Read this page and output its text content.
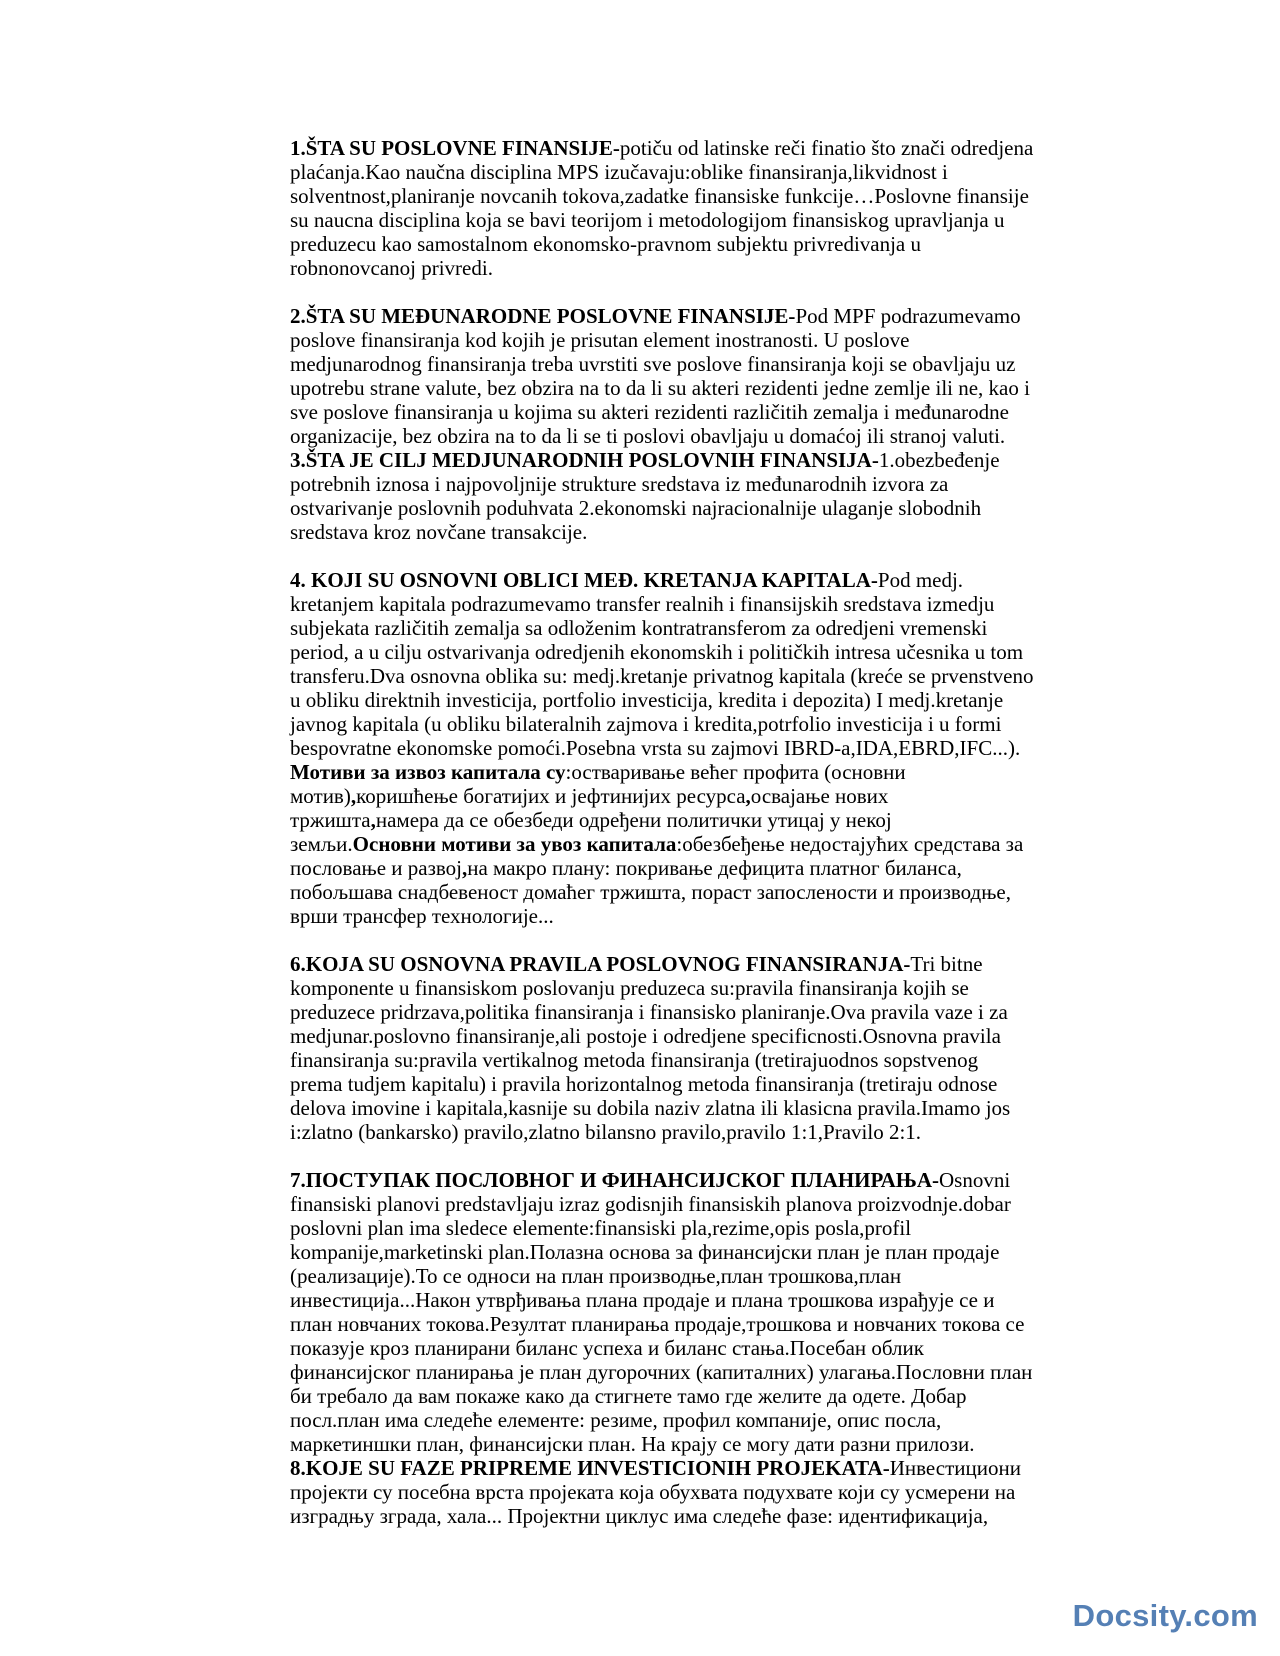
1.ŠTA SU POSLOVNE FINANSIJE-potiču od latinske reči finatio što znači odredjena plaćanja.Kao naučna disciplina MPS izučavaju:oblike finansiranja,likvidnost i solventnost,planiranje novcanih tokova,zadatke finansiske funkcije…Poslovne finansije su naucna disciplina koja se bavi teorijom i metodologijom finansiskog upravljanja u preduzecu kao samostalnom ekonomsko-pravnom subjektu privredivanja u robnonovcanoj privredi.

2.ŠTA SU MEĐUNARODNE POSLOVNE FINANSIJE-Pod MPF podrazumevamo poslove finansiranja kod kojih je prisutan element inostranosti. U poslove medjunarodnog finansiranja treba uvrstiti sve poslove finansiranja koji se obavljaju uz upotrebu strane valute, bez obzira na to da li su akteri rezidenti jedne zemlje ili ne, kao i sve poslove finansiranja u kojima su akteri rezidenti različitih zemalja i međunarodne organizacije, bez obzira na to da li se ti poslovi obavljaju u domaćoj ili stranoj valuti.

3.ŠTA JE CILJ MEDJUNARODNIH POSLOVNIH FINANSIJA-1.obezbeđenje potrebnih iznosa i najpovoljnije strukture sredstava iz međunarodnih izvora za ostvarivanje poslovnih poduhvata 2.ekonomski najracionalnije ulaganje slobodnih sredstava kroz novčane transakcije.

4. KOJI SU OSNOVNI OBLICI MEĐ. KRETANJA KAPITALA-Pod medj. kretanjem kapitala podrazumevamo transfer realnih i finansijskih sredstava izmedju subjekata različitih zemalja sa odloženim kontratransferom za odredjeni vremenski period, a u cilju ostvarivanja odredjenih ekonomskih i političkih intresa učesnika u tom transferu.Dva osnovna oblika su: medj.kretanje privatnog kapitala (kreće se prvenstveno u obliku direktnih investicija, portfolio investicija, kredita i depozita) I medj.kretanje javnog kapitala (u obliku bilateralnih zajmova i kredita,potrfolio investicija i u formi bespovratne ekonomske pomoći.Posebna vrsta su zajmovi IBRD-a,IDA,EBRD,IFC...).

Мотиви за извоз капитала су:остваривање већег профита (основни мотив),коришћење богатијих и јефтинијих ресурса,освајање нових тржишта,намера да се обезбеди одређени политички утицај у некој земљи.Основни мотиви за увоз капитала:обезбеђење недостајућих средстава за пословање и развој,на макро плану: покривање дефицита платног биланса, побољшава снадбевеност домаћег тржишта, пораст запослености и производње, врши трансфер технологије...

6.KOJA SU OSNOVNA PRAVILA POSLOVNOG FINANSIRANJA-Tri bitne komponente u finansiskom poslovanju preduzeca su:pravila finansiranja kojih se preduzece pridrzava,politika finansiranja i finansisko planiranje.Ova pravila vaze i za medjunar.poslovno finansiranje,ali postoje i odredjene specificnosti.Osnovna pravila finansiranja su:pravila vertikalnog metoda finansiranja (tretirajuodnos sopstvenog prema tudjem kapitalu) i pravila horizontalnog metoda finansiranja (tretiraju odnose delova imovine i kapitala,kasnije su dobila naziv zlatna ili klasicna pravila.Imamo jos i:zlatno (bankarsko) pravilo,zlatno bilansno pravilo,pravilo 1:1,Pravilo 2:1.

7.ПОСТУПАК ПОСЛОВНОГ И ФИНАНСИЈСКОГ ПЛАНИРАЊА-Osnovni finansiski planovi predstavljaju izraz godisnjih finansiskih planova proizvodnje.dobar poslovni plan ima sledece elemente:finansiski pla,rezime,opis posla,profil kompanije,marketinski plan.Полазна основа за финансијски план је план продаје (реализације).То се односи на план производње,план трошкова,план инвестиција...Након утврђивања плана продаје и плана трошкова израђује се и план новчаних токова.Резултат планирања продаје,трошкова и новчаних токова се показује кроз планирани биланс успеха и биланс стања.Посебан облик финансијског планирања је план дугорочних (капиталних) улагања.Пословни план би требало да вам покаже како да стигнете тамо где желите да одете. Добар посл.план има следеће елементе: резиме, профил компаније, опис посла, маркетиншки план, финансијски план. На крају се могу дати разни прилози.

8.KOJE SU FAZE PRIPREME ИNVESTICIONIH PROJEKATA-Инвестициони пројекти су посебна врста пројеката која обухвата подухвате који су усмерени на изградњу зграда, хала... Пројектни циклус има следеће фазе: идентификација,

Docsity.com
